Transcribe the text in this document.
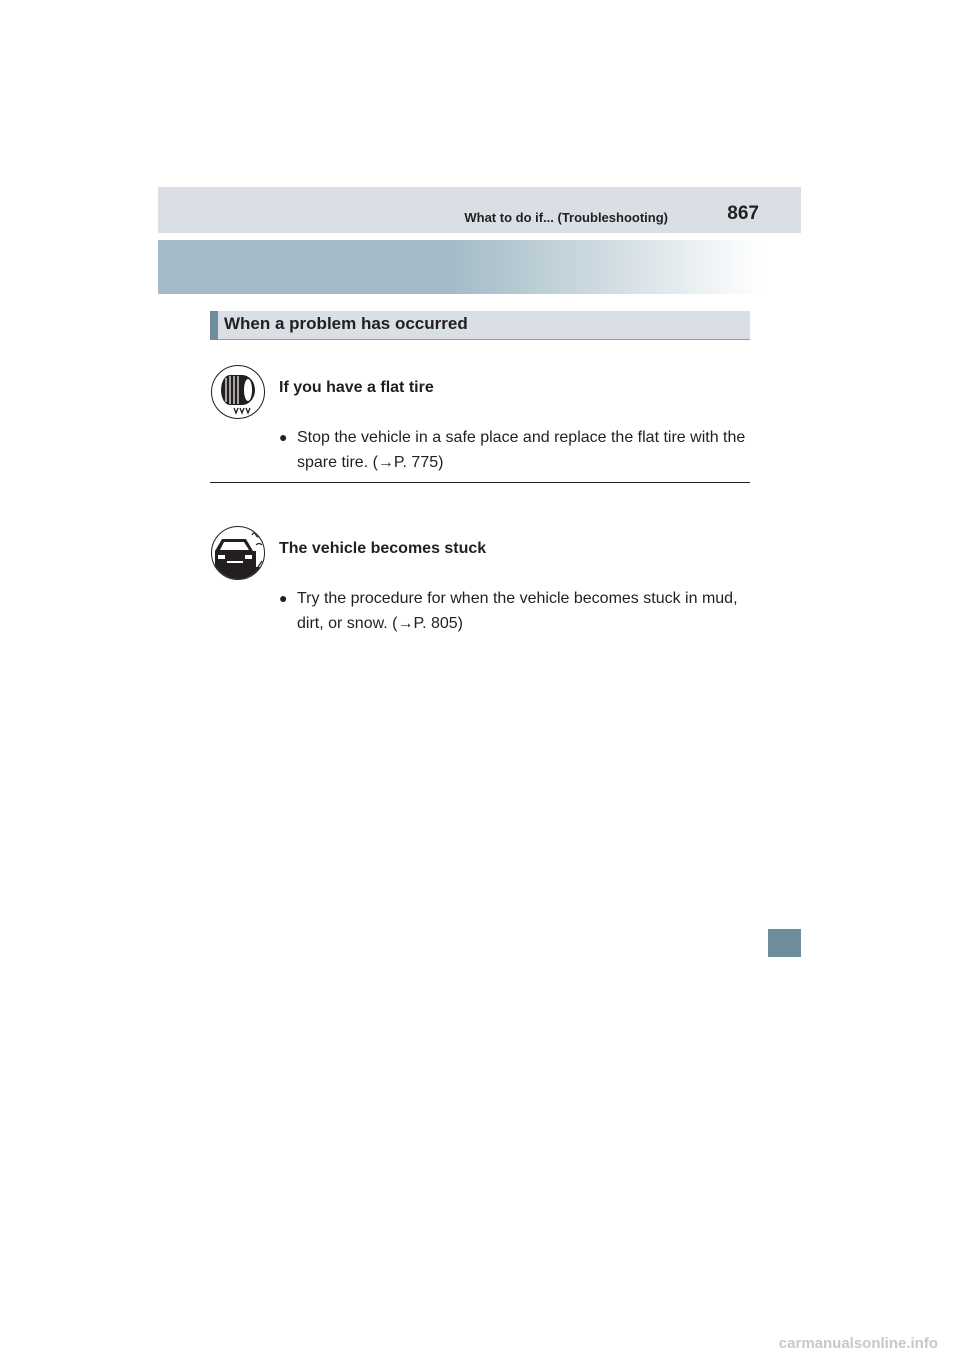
What to do if... (Troubleshooting)	867
When a problem has occurred
If you have a flat tire
● Stop the vehicle in a safe place and replace the flat tire with the spare tire. (→P. 775)
The vehicle becomes stuck
● Try the procedure for when the vehicle becomes stuck in mud, dirt, or snow. (→P. 805)
carmanualsonline.info
